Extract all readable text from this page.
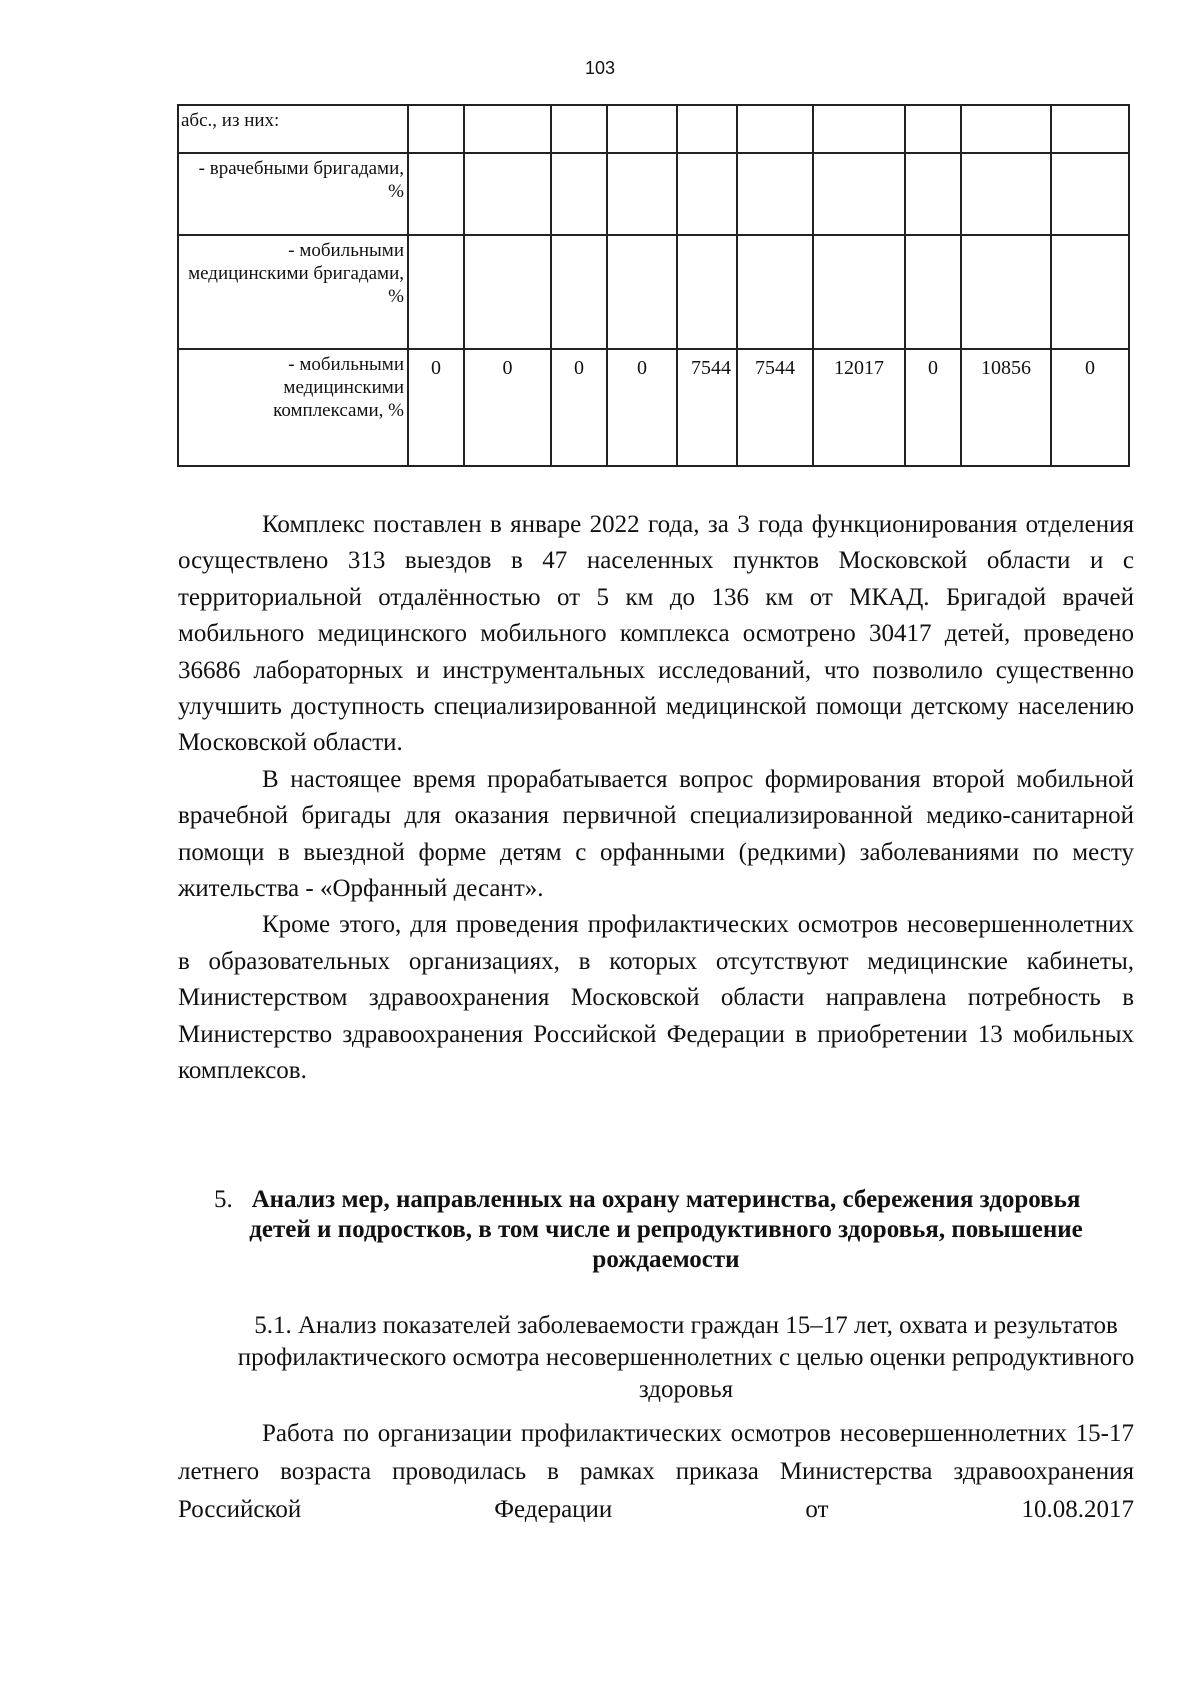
103
абс., из них:										
- врачебными бригадами, %										
- мобильными медицинскими бригадами, %										
- мобильными медицинскими комплексами, %	0	0	0	0	7544	7544	12017	0	10856	0

Комплекс поставлен в январе 2022 года, за 3 года функционирования отделения осуществлено 313 выездов в 47 населенных пунктов Московской области и с территориальной отдалённостью от 5 км до 136 км от МКАД. Бригадой врачей мобильного медицинского мобильного комплекса осмотрено 30417 детей, проведено 36686 лабораторных и инструментальных исследований, что позволило существенно улучшить доступность специализированной медицинской помощи детскому населению Московской области.

В настоящее время прорабатывается вопрос формирования второй мобильной врачебной бригады для оказания первичной специализированной медико-санитарной помощи в выездной форме детям с орфанными (редкими) заболеваниями по месту жительства - «Орфанный десант».

Кроме этого, для проведения профилактических осмотров несовершеннолетних в образовательных организациях, в которых отсутствуют медицинские кабинеты, Министерством здравоохранения Московской области направлена потребность в Министерство здравоохранения Российской Федерации в приобретении 13 мобильных комплексов.

5. Анализ мер, направленных на охрану материнства, сбережения здоровья детей и подростков, в том числе и репродуктивного здоровья, повышение рождаемости
5.1. Анализ показателей заболеваемости граждан 15–17 лет, охвата и результатов профилактического осмотра несовершеннолетних с целью оценки репродуктивного здоровья

Работа по организации профилактических осмотров несовершеннолетних 15-17 летнего возраста проводилась в рамках приказа Министерства здравоохранения Российской Федерации от 10.08.2017
